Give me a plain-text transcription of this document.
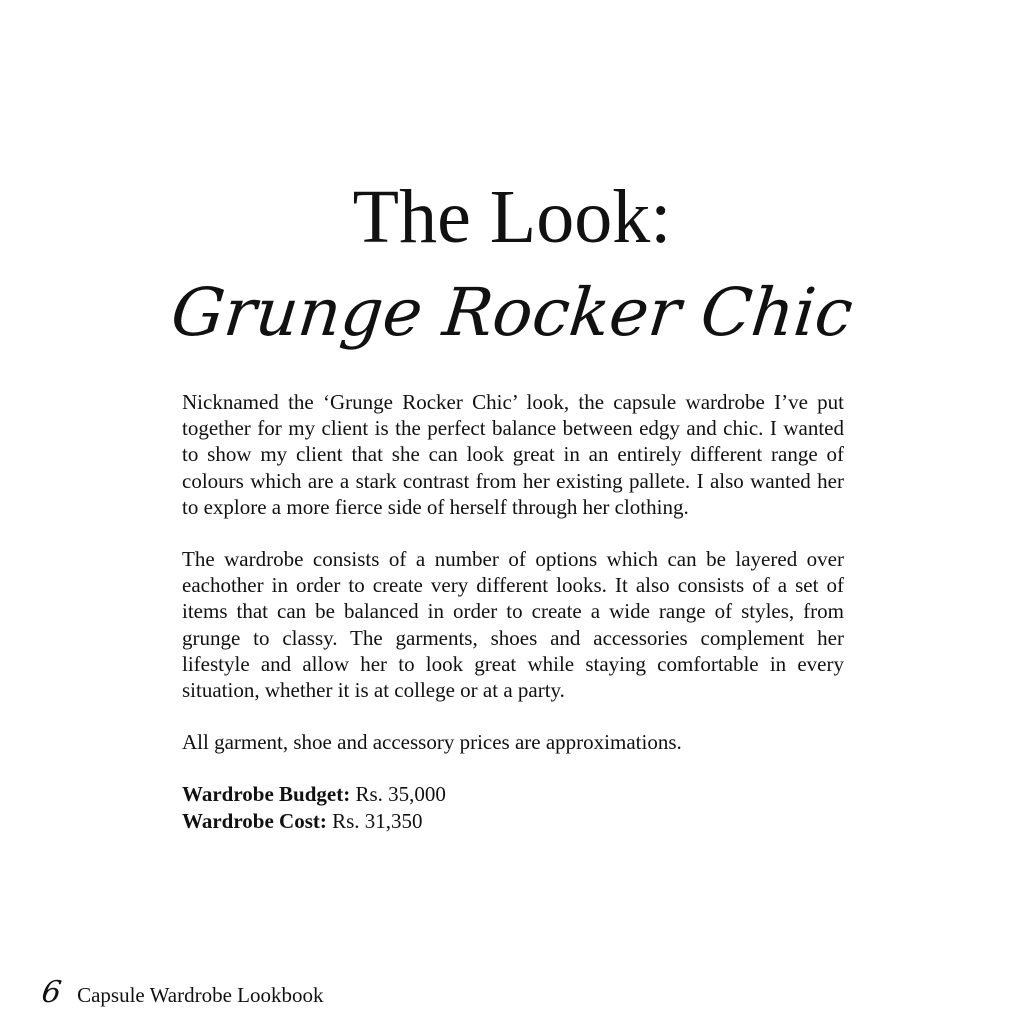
The Look:
Grunge Rocker Chic

Nicknamed the ‘Grunge Rocker Chic’ look, the capsule wardrobe I’ve put together for my client is the perfect balance between edgy and chic. I wanted to show my client that she can look great in an entirely different range of colours which are a stark contrast from her existing pallete. I also wanted her to explore a more fierce side of herself through her clothing.

The wardrobe consists of a number of options which can be layered over eachother in order to create very different looks. It also consists of a set of items that can be balanced in order to create a wide range of styles, from grunge to classy. The garments, shoes and accessories complement her lifestyle and allow her to look great while staying comfortable in every situation, whether it is at college or at a party.

All garment, shoe and accessory prices are approximations.

Wardrobe Budget: Rs. 35,000

Wardrobe Cost: Rs. 31,350

6 Capsule Wardrobe Lookbook
